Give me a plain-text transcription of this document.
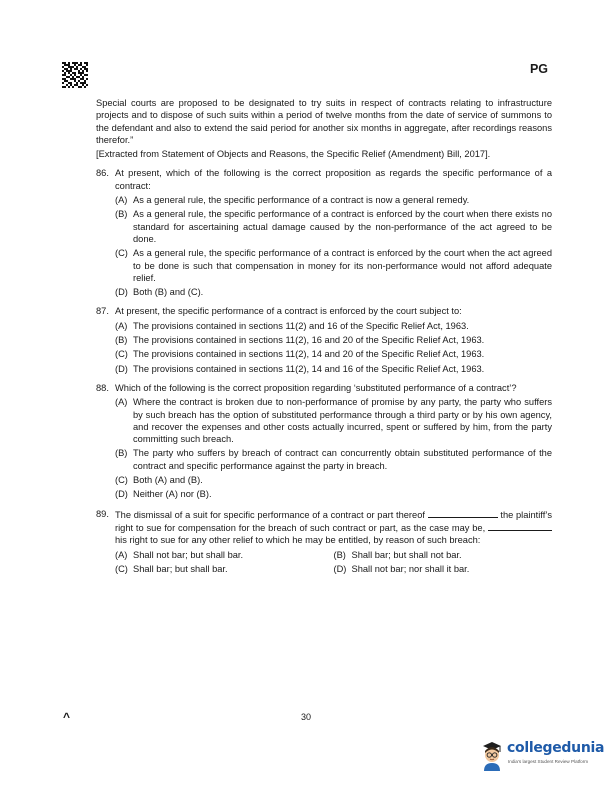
PG

Special courts are proposed to be designated to try suits in respect of contracts relating to infrastructure projects and to dispose of such suits within a period of twelve months from the date of service of summons to the defendant and also to extend the said period for another six months in aggregate, after recordings reasons therefor.”

[Extracted from Statement of Objects and Reasons, the Specific Relief (Amendment) Bill, 2017].

86. At present, which of the following is the correct proposition as regards the specific performance of a contract:

(A) As a general rule, the specific performance of a contract is now a general remedy.
(B) As a general rule, the specific performance of a contract is enforced by the court when there exists no standard for ascertaining actual damage caused by the non-performance of the act agreed to be done.
(C) As a general rule, the specific performance of a contract is enforced by the court when the act agreed to be done is such that compensation in money for its non-performance would not afford adequate relief.
(D) Both (B) and (C).
87. At present, the specific performance of a contract is enforced by the court subject to:

(A) The provisions contained in sections 11(2) and 16 of the Specific Relief Act, 1963.
(B) The provisions contained in sections 11(2), 16 and 20 of the Specific Relief Act, 1963.
(C) The provisions contained in sections 11(2), 14 and 20 of the Specific Relief Act, 1963.
(D) The provisions contained in sections 11(2), 14 and 16 of the Specific Relief Act, 1963.
88. Which of the following is the correct proposition regarding ‘substituted performance of a contract’?

(A) Where the contract is broken due to non-performance of promise by any party, the party who suffers by such breach has the option of substituted performance through a third party or by his own agency, and recover the expenses and other costs actually incurred, spent or suffered by him, from the party committing such breach.
(B) The party who suffers by breach of contract can concurrently obtain substituted performance of the contract and specific performance against the party in breach.
(C) Both (A) and (B).
(D) Neither (A) nor (B).
89. The dismissal of a suit for specific performance of a contract or part thereof	the plaintiff’s right to sue for compensation for the breach of such contract or part, as the case may be,  his right to sue for any other relief to which he may be entitled, by reason of such breach:

(A) Shall not bar; but shall bar.	(B) Shall bar; but shall not bar.
(C) Shall bar; but shall bar.	(D) Shall not bar; nor shall it bar.
^	30
collegedunia
India’s largest Student Review Platform
